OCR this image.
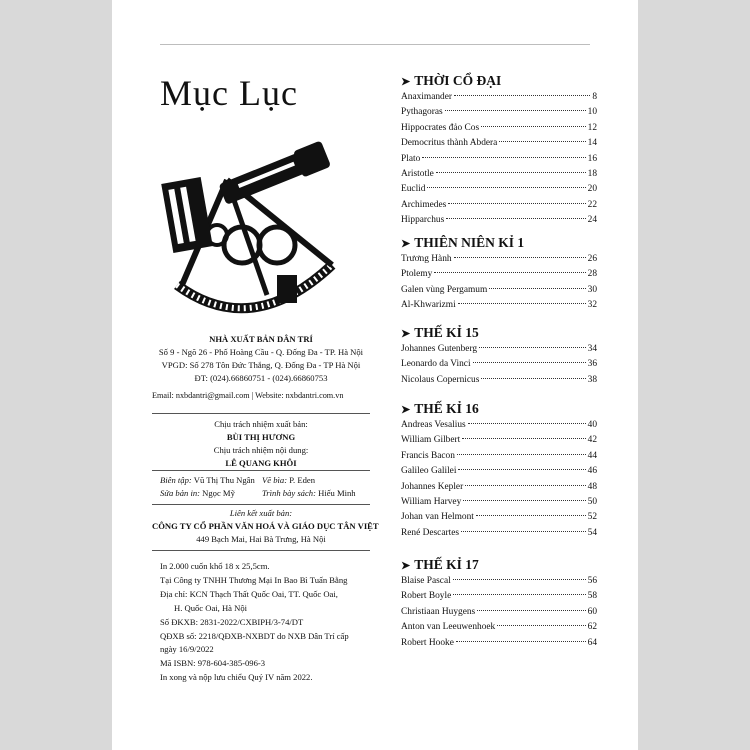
Mục Lục
NHÀ XUẤT BẢN DÂN TRÍ
Số 9 - Ngõ 26 - Phố Hoàng Cầu - Q. Đống Đa - TP. Hà Nội
VPGD: Số 278 Tôn Đức Thắng, Q. Đống Đa - TP Hà Nội
ĐT: (024).66860751 - (024).66860753
Email: nxbdantri@gmail.com | Website: nxbdantri.com.vn
Chịu trách nhiệm xuất bản:
BÙI THỊ HƯƠNG
Chịu trách nhiệm nội dung:
LÊ QUANG KHÔI
Biên tập: Vũ Thị Thu Ngân Vẽ bìa: P. Eden
Sửa bản in: Ngọc Mỹ	Trình bày sách: Hiếu Minh
Liên kết xuất bản:
CÔNG TY CỔ PHẦN VĂN HOÁ VÀ GIÁO DỤC TÂN VIỆT
449 Bạch Mai, Hai Bà Trưng, Hà Nội
In 2.000 cuốn khổ 18 x 25,5cm.
Tại Công ty TNHH Thương Mại In Bao Bì Tuấn Bằng
Địa chỉ: KCN Thạch Thất Quốc Oai, TT. Quốc Oai,
H. Quốc Oai, Hà Nội
Số ĐKXB: 2831-2022/CXBIPH/3-74/DT
QĐXB số: 2218/QĐXB-NXBDT do NXB Dân Trí cấp
ngày 16/9/2022
Mã ISBN: 978-604-385-096-3
In xong và nộp lưu chiểu Quý IV năm 2022.
➤ THỜI CỔ ĐẠI
Anaximander	8
Pythagoras	10
Hippocrates đảo Cos	12
Democritus thành Abdera	14
Plato	16
Aristotle	18
Euclid	20
Archimedes	22
Hipparchus	24
➤ THIÊN NIÊN KỈ 1
Trương Hành	26
Ptolemy	28
Galen vùng Pergamum	30
Al-Khwarizmi	32
➤ THẾ KỈ 15
Johannes Gutenberg	34
Leonardo da Vinci	36
Nicolaus Copernicus	38
➤ THẾ KỈ 16
Andreas Vesalius	40
William Gilbert	42
Francis Bacon	44
Galileo Galilei	46
Johannes Kepler	48
William Harvey	50
Johan van Helmont	52
René Descartes	54
➤ THẾ KỈ 17
Blaise Pascal	56
Robert Boyle	58
Christiaan Huygens	60
Anton van Leeuwenhoek	62
Robert Hooke	64
